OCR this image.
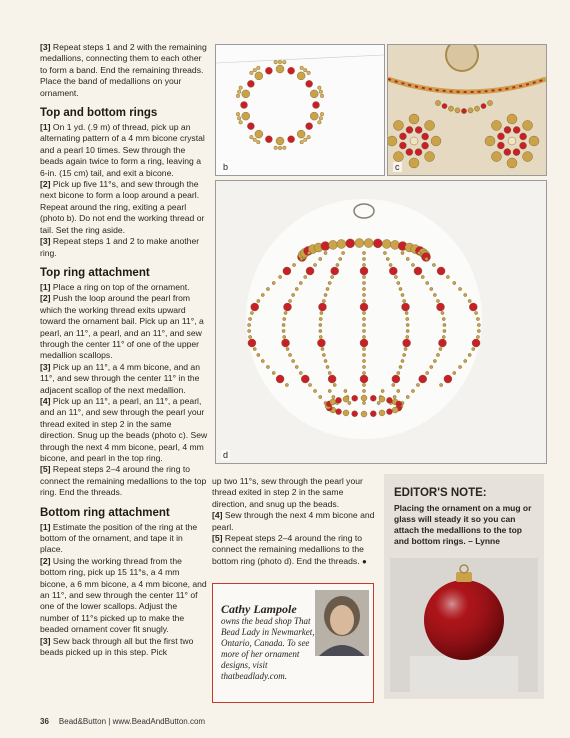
[3] Repeat steps 1 and 2 with the remaining medallions, connecting them to each other to form a band. End the remaining threads. Place the band of medallions on your ornament.

Top and bottom rings

[1] On 1 yd. (.9 m) of thread, pick up an alternating pattern of a 4 mm bicone crystal and a pearl 10 times. Sew through the beads again twice to form a ring, leaving a 6-in. (15 cm) tail, and exit a bicone.

[2] Pick up five 11°s, and sew through the next bicone to form a loop around a pearl. Repeat around the ring, exiting a pearl (photo b). Do not end the working thread or tail. Set the ring aside.

[3] Repeat steps 1 and 2 to make another ring.

Top ring attachment

[1] Place a ring on top of the ornament.

[2] Push the loop around the pearl from which the working thread exits upward toward the ornament bail. Pick up an 11°, a pearl, an 11°, a pearl, and an 11°, and sew through the center 11° of one of the upper medallion scallops.

[3] Pick up an 11°, a 4 mm bicone, and an 11°, and sew through the center 11° in the adjacent scallop of the next medallion.

[4] Pick up an 11°, a pearl, an 11°, a pearl, and an 11°, and sew through the pearl your thread exited in step 2 in the same direction. Snug up the beads (photo c). Sew through the next 4 mm bicone, pearl, 4 mm bicone, and pearl in the top ring.

[5] Repeat steps 2–4 around the ring to connect the remaining medallions to the top ring. End the threads.

Bottom ring attachment

[1] Estimate the position of the ring at the bottom of the ornament, and tape it in place.

[2] Using the working thread from the bottom ring, pick up 15 11°s, a 4 mm bicone, a 6 mm bicone, a 4 mm bicone, and an 11°, and sew through the center 11° of one of the lower scallops. Adjust the number of 11°s picked up to make the beaded ornament cover fit snugly.

[3] Sew back through all but the first two beads picked up in this step. Pick

b	c
d

up two 11°s, sew through the pearl your thread exited in step 2 in the same direction, and snug up the beads.

[4] Sew through the next 4 mm bicone and pearl.

[5] Repeat steps 2–4 around the ring to connect the remaining medallions to the bottom ring (photo d). End the threads. ●

Cathy Lampole
owns the bead shop That Bead Lady in Newmarket, Ontario, Canada. To see more of her ornament designs, visit thatbeadlady.com.
EDITOR'S NOTE:
Placing the ornament on a mug or glass will steady it so you can attach the medallions to the top and bottom rings. – Lynne
36 Bead&Button | www.BeadAndButton.com
